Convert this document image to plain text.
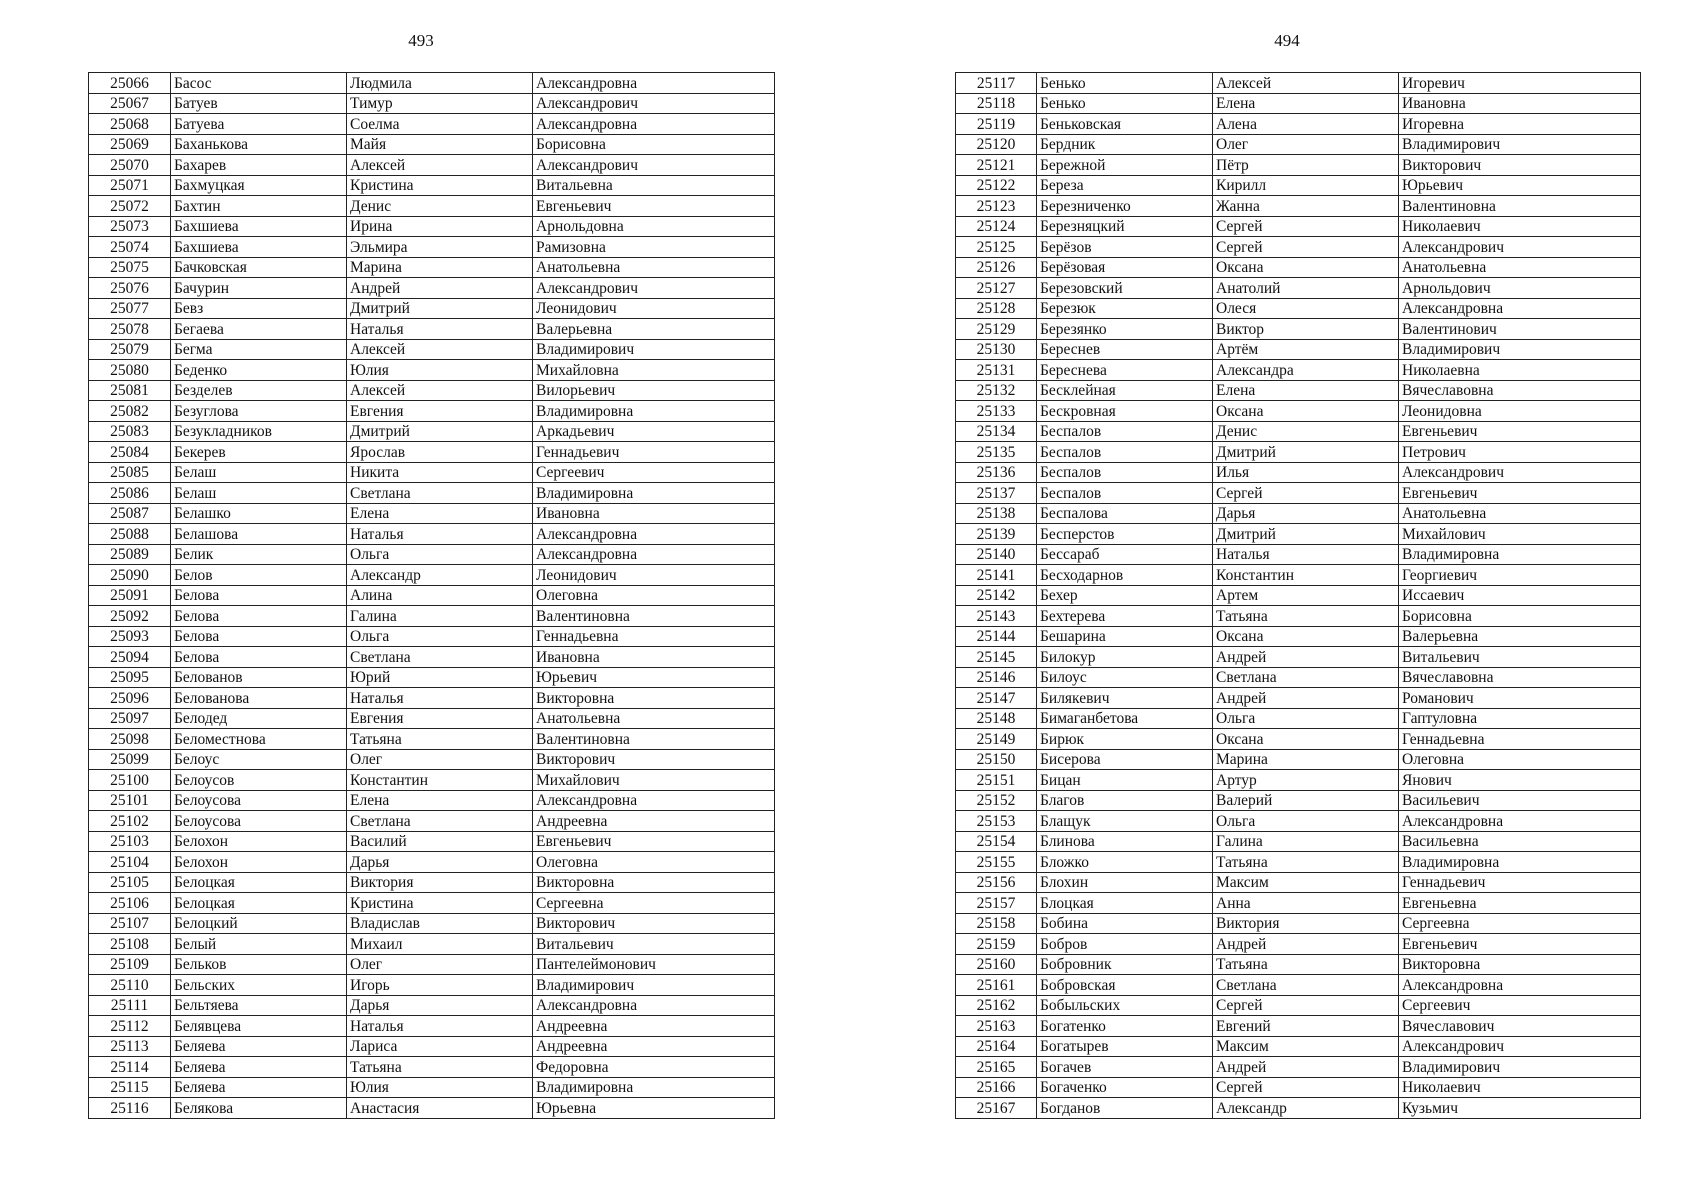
493	494
25066	Басос	Людмила	Александровна
25067	Батуев	Тимур	Александрович
25068	Батуева	Соелма	Александровна
25069	Баханькова	Майя	Борисовна
25070	Бахарев	Алексей	Александрович
25071	Бахмуцкая	Кристина	Витальевна
25072	Бахтин	Денис	Евгеньевич
25073	Бахшиева	Ирина	Арнольдовна
25074	Бахшиева	Эльмира	Рамизовна
25075	Бачковская	Марина	Анатольевна
25076	Бачурин	Андрей	Александрович
25077	Бевз	Дмитрий	Леонидович
25078	Бегаева	Наталья	Валерьевна
25079	Бегма	Алексей	Владимирович
25080	Беденко	Юлия	Михайловна
25081	Безделев	Алексей	Вилорьевич
25082	Безуглова	Евгения	Владимировна
25083	Безукладников	Дмитрий	Аркадьевич
25084	Бекерев	Ярослав	Геннадьевич
25085	Белаш	Никита	Сергеевич
25086	Белаш	Светлана	Владимировна
25087	Белашко	Елена	Ивановна
25088	Белашова	Наталья	Александровна
25089	Белик	Ольга	Александровна
25090	Белов	Александр	Леонидович
25091	Белова	Алина	Олеговна
25092	Белова	Галина	Валентиновна
25093	Белова	Ольга	Геннадьевна
25094	Белова	Светлана	Ивановна
25095	Белованов	Юрий	Юрьевич
25096	Белованова	Наталья	Викторовна
25097	Белодед	Евгения	Анатольевна
25098	Беломестнова	Татьяна	Валентиновна
25099	Белоус	Олег	Викторович
25100	Белоусов	Константин	Михайлович
25101	Белоусова	Елена	Александровна
25102	Белоусова	Светлана	Андреевна
25103	Белохон	Василий	Евгеньевич
25104	Белохон	Дарья	Олеговна
25105	Белоцкая	Виктория	Викторовна
25106	Белоцкая	Кристина	Сергеевна
25107	Белоцкий	Владислав	Викторович
25108	Белый	Михаил	Витальевич
25109	Бельков	Олег	Пантелеймонович
25110	Бельских	Игорь	Владимирович
25111	Бельтяева	Дарья	Александровна
25112	Белявцева	Наталья	Андреевна
25113	Беляева	Лариса	Андреевна
25114	Беляева	Татьяна	Федоровна
25115	Беляева	Юлия	Владимировна
25116	Белякова	Анастасия	Юрьевна
25117	Бенько	Алексей	Игоревич
25118	Бенько	Елена	Ивановна
25119	Беньковская	Алена	Игоревна
25120	Бердник	Олег	Владимирович
25121	Бережной	Пётр	Викторович
25122	Береза	Кирилл	Юрьевич
25123	Березниченко	Жанна	Валентиновна
25124	Березняцкий	Сергей	Николаевич
25125	Берёзов	Сергей	Александрович
25126	Берёзовая	Оксана	Анатольевна
25127	Березовский	Анатолий	Арнольдович
25128	Березюк	Олеся	Александровна
25129	Березянко	Виктор	Валентинович
25130	Береснев	Артём	Владимирович
25131	Береснева	Александра	Николаевна
25132	Бесклейная	Елена	Вячеславовна
25133	Бескровная	Оксана	Леонидовна
25134	Беспалов	Денис	Евгеньевич
25135	Беспалов	Дмитрий	Петрович
25136	Беспалов	Илья	Александрович
25137	Беспалов	Сергей	Евгеньевич
25138	Беспалова	Дарья	Анатольевна
25139	Бесперстов	Дмитрий	Михайлович
25140	Бессараб	Наталья	Владимировна
25141	Бесходарнов	Константин	Георгиевич
25142	Бехер	Артем	Иссаевич
25143	Бехтерева	Татьяна	Борисовна
25144	Бешарина	Оксана	Валерьевна
25145	Билокур	Андрей	Витальевич
25146	Билоус	Светлана	Вячеславовна
25147	Билякевич	Андрей	Романович
25148	Бимаганбетова	Ольга	Гаптуловна
25149	Бирюк	Оксана	Геннадьевна
25150	Бисерова	Марина	Олеговна
25151	Бицан	Артур	Янович
25152	Благов	Валерий	Васильевич
25153	Блащук	Ольга	Александровна
25154	Блинова	Галина	Васильевна
25155	Бложко	Татьяна	Владимировна
25156	Блохин	Максим	Геннадьевич
25157	Блоцкая	Анна	Евгеньевна
25158	Бобина	Виктория	Сергеевна
25159	Бобров	Андрей	Евгеньевич
25160	Бобровник	Татьяна	Викторовна
25161	Бобровская	Светлана	Александровна
25162	Бобыльских	Сергей	Сергеевич
25163	Богатенко	Евгений	Вячеславович
25164	Богатырев	Максим	Александрович
25165	Богачев	Андрей	Владимирович
25166	Богаченко	Сергей	Николаевич
25167	Богданов	Александр	Кузьмич
